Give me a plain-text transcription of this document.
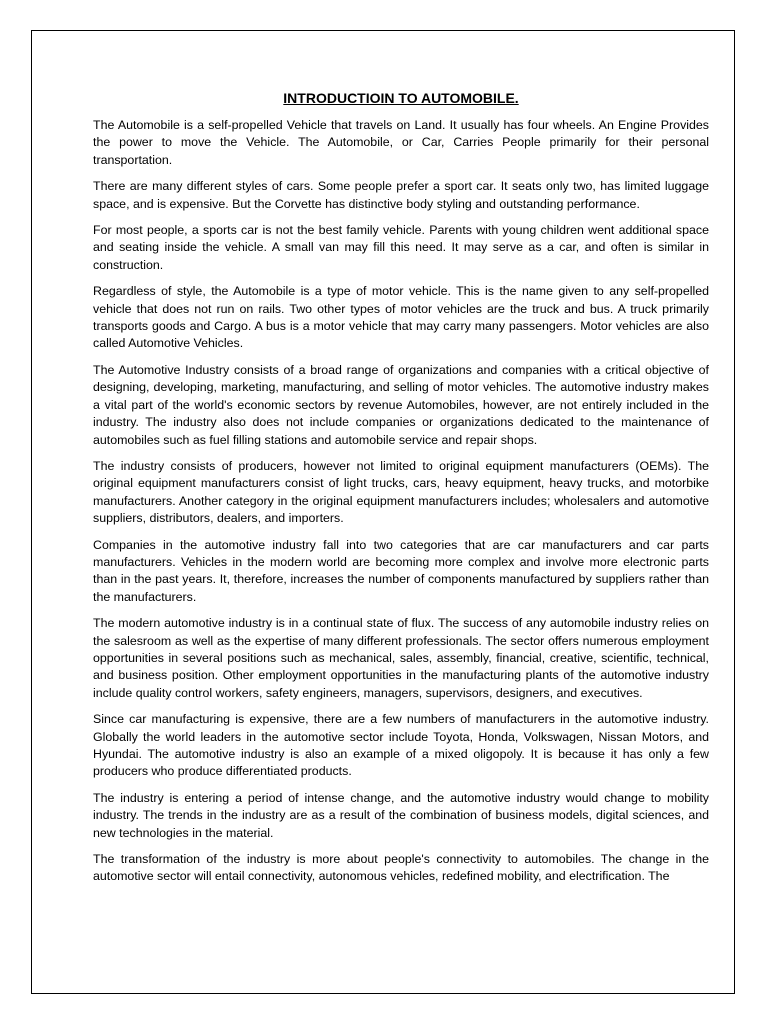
INTRODUCTIOIN TO AUTOMOBILE.

The Automobile is a self-propelled Vehicle that travels on Land. It usually has four wheels. An Engine Provides the power to move the Vehicle. The Automobile, or Car, Carries People primarily for their personal transportation.

There are many different styles of cars. Some people prefer a sport car. It seats only two, has limited luggage space, and is expensive. But the Corvette has distinctive body styling and outstanding performance.

For most people, a sports car is not the best family vehicle. Parents with young children went additional space and seating inside the vehicle. A small van may fill this need. It may serve as a car, and often is similar in construction.

Regardless of style, the Automobile is a type of motor vehicle. This is the name given to any self-propelled vehicle that does not run on rails. Two other types of motor vehicles are the truck and bus. A truck primarily transports goods and Cargo. A bus is a motor vehicle that may carry many passengers. Motor vehicles are also called Automotive Vehicles.

The Automotive Industry consists of a broad range of organizations and companies with a critical objective of designing, developing, marketing, manufacturing, and selling of motor vehicles. The automotive industry makes a vital part of the world's economic sectors by revenue Automobiles, however, are not entirely included in the industry. The industry also does not include companies or organizations dedicated to the maintenance of automobiles such as fuel filling stations and automobile service and repair shops.

The industry consists of producers, however not limited to original equipment manufacturers (OEMs). The original equipment manufacturers consist of light trucks, cars, heavy equipment, heavy trucks, and motorbike manufacturers. Another category in the original equipment manufacturers includes; wholesalers and automotive suppliers, distributors, dealers, and importers.

Companies in the automotive industry fall into two categories that are car manufacturers and car parts manufacturers. Vehicles in the modern world are becoming more complex and involve more electronic parts than in the past years. It, therefore, increases the number of components manufactured by suppliers rather than the manufacturers.

The modern automotive industry is in a continual state of flux. The success of any automobile industry relies on the salesroom as well as the expertise of many different professionals. The sector offers numerous employment opportunities in several positions such as mechanical, sales, assembly, financial, creative, scientific, technical, and business position. Other employment opportunities in the manufacturing plants of the automotive industry include quality control workers, safety engineers, managers, supervisors, designers, and executives.

Since car manufacturing is expensive, there are a few numbers of manufacturers in the automotive industry. Globally the world leaders in the automotive sector include Toyota, Honda, Volkswagen, Nissan Motors, and Hyundai. The automotive industry is also an example of a mixed oligopoly. It is because it has only a few producers who produce differentiated products.

The industry is entering a period of intense change, and the automotive industry would change to mobility industry. The trends in the industry are as a result of the combination of business models, digital sciences, and new technologies in the material.

The transformation of the industry is more about people's connectivity to automobiles. The change in the automotive sector will entail connectivity, autonomous vehicles, redefined mobility, and electrification. The
